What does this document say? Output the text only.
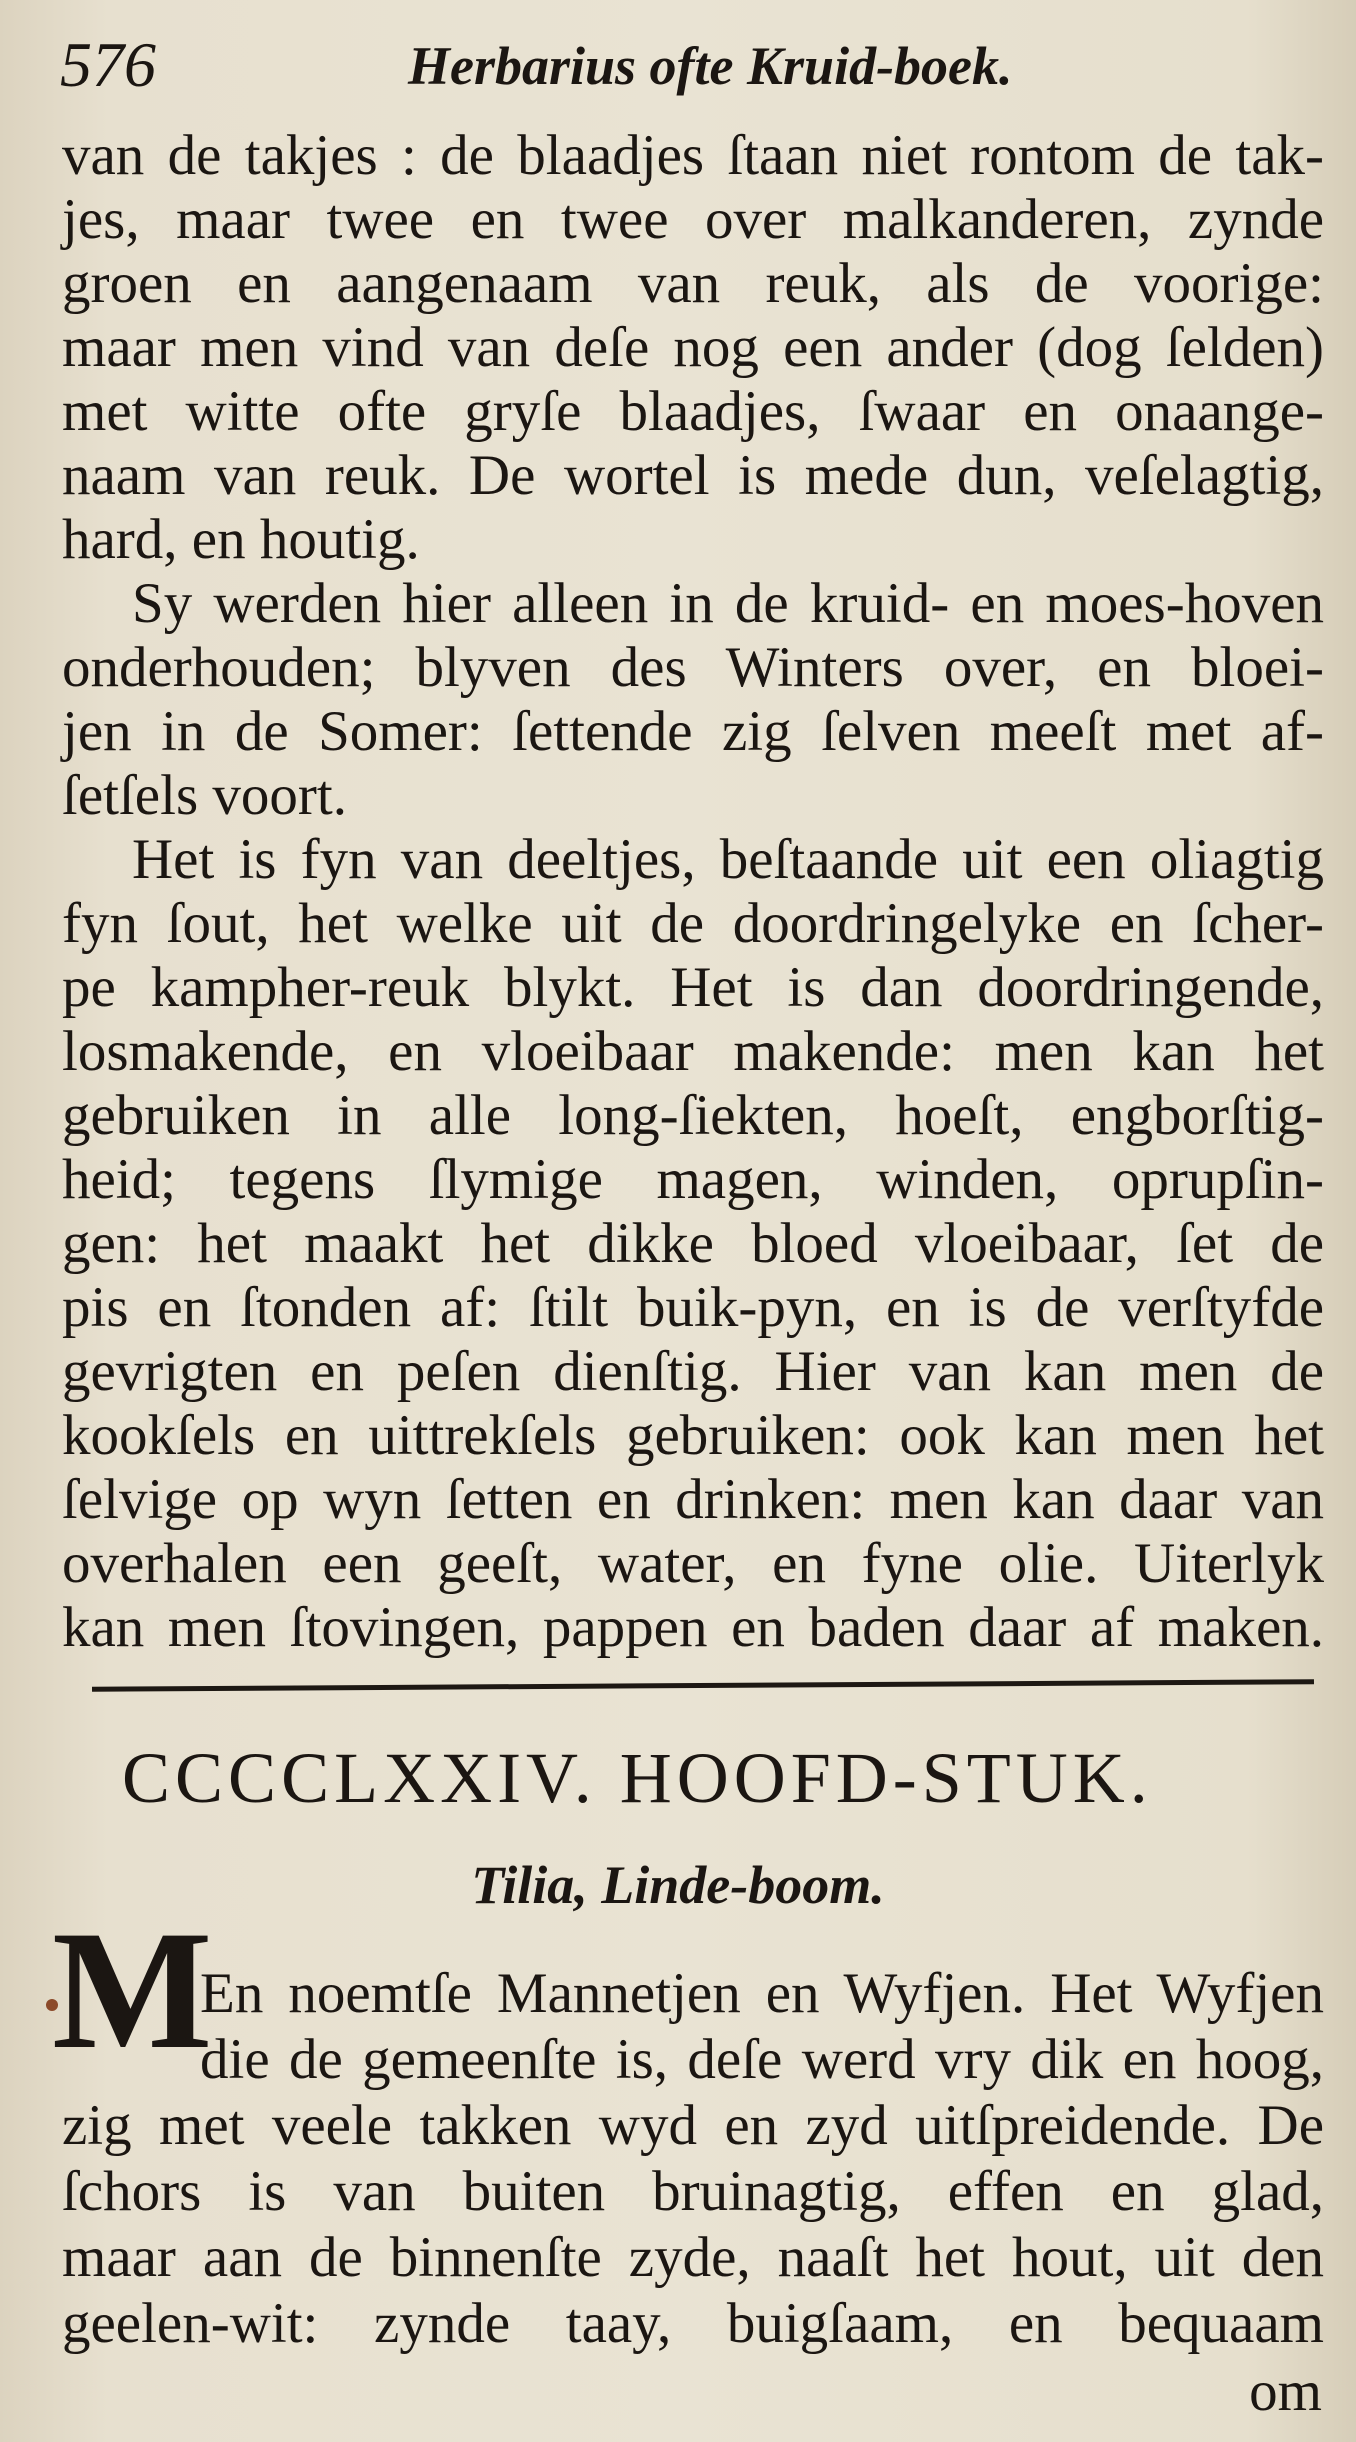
576	Herbarius ofte Kruid-boek.
van de takjes : de blaadjes ſtaan niet rontom de tak-
jes, maar twee en twee over malkanderen, zynde
groen en aangenaam van reuk, als de voorige:
maar men vind van deſe nog een ander (dog ſelden)
met witte ofte gryſe blaadjes, ſwaar en onaange-
naam van reuk. De wortel is mede dun, veſelagtig,
hard, en houtig.
Sy werden hier alleen in de kruid- en moes-hoven
onderhouden; blyven des Winters over, en bloei-
jen in de Somer: ſettende zig ſelven meeſt met af-
ſetſels voort.
Het is fyn van deeltjes, beſtaande uit een oliagtig
fyn ſout, het welke uit de doordringelyke en ſcher-
pe kampher-reuk blykt. Het is dan doordringende,
losmakende, en vloeibaar makende: men kan het
gebruiken in alle long-ſiekten, hoeſt, engborſtig-
heid; tegens ſlymige magen, winden, oprupſin-
gen: het maakt het dikke bloed vloeibaar, ſet de
pis en ſtonden af: ſtilt buik-pyn, en is de verſtyfde
gevrigten en peſen dienſtig. Hier van kan men de
kookſels en uittrekſels gebruiken: ook kan men het
ſelvige op wyn ſetten en drinken: men kan daar van
overhalen een geeſt, water, en fyne olie. Uiterlyk
CCCCLXXIV. HOOFD-STUK.
Tilia, Linde-boom.
M
En noemtſe Mannetjen en Wyfjen. Het Wyfjen
die de gemeenſte is, deſe werd vry dik en hoog,
zig met veele takken wyd en zyd uitſpreidende. De
ſchors is van buiten bruinagtig, effen en glad,
maar aan de binnenſte zyde, naaſt het hout, uit den
geelen-wit: zynde taay, buigſaam, en bequaam
om
kan men ſtovingen, pappen en baden daar af maken.
